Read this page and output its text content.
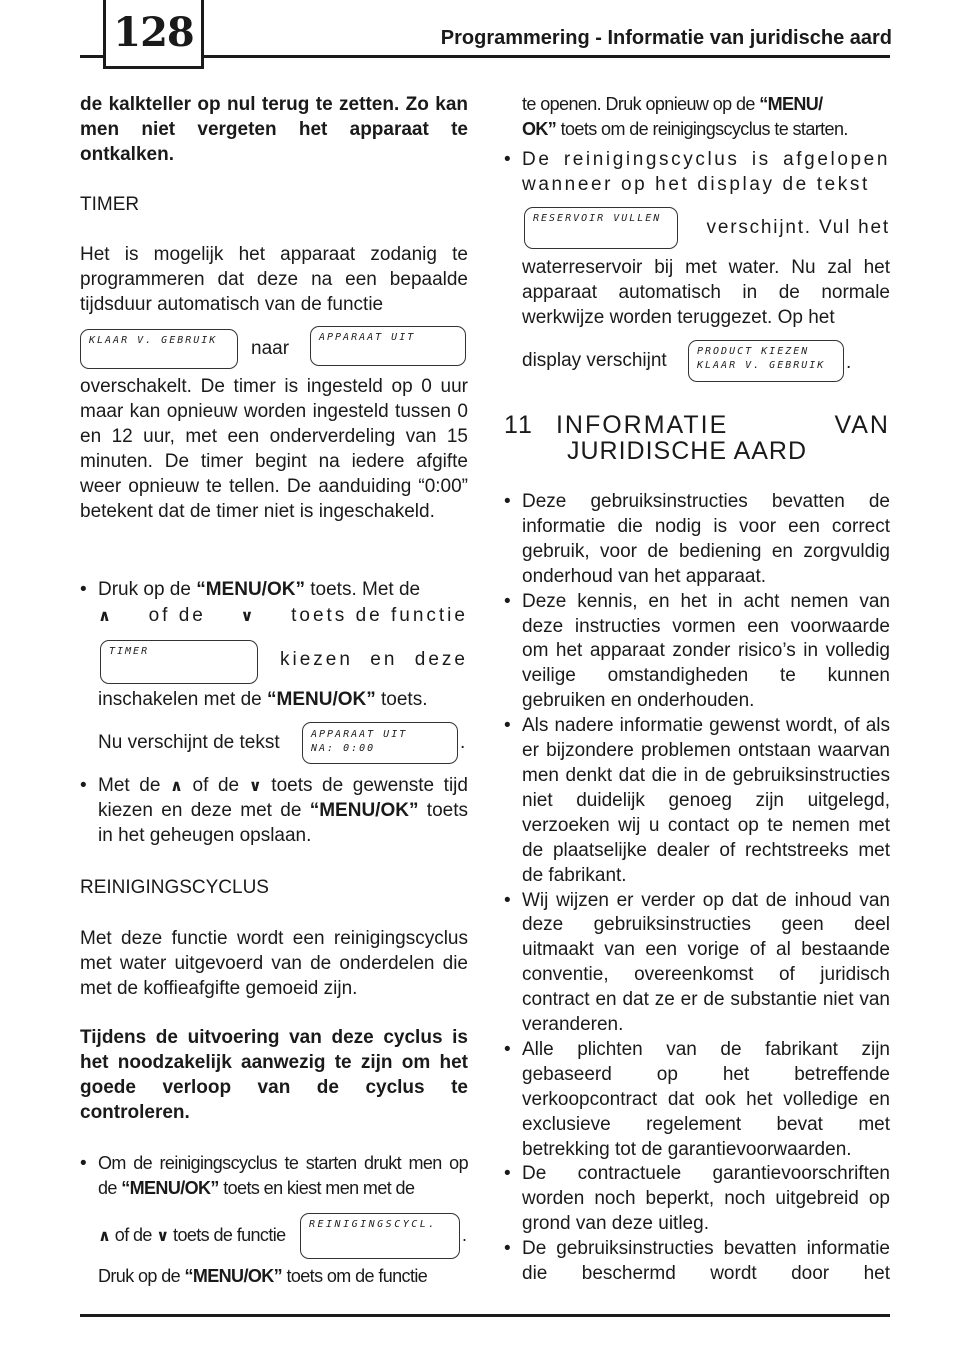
128	Programmering - Informatie van juridische aard

de kalkteller op nul terug te zetten. Zo kan men niet vergeten het apparaat te ontkalken.

TIMER

Het is mogelijk het apparaat zodanig te programmeren dat deze na een bepaalde tijdsduur automatisch van de functie

KLAAR V. GEBRUIK	naar
APPARAAT UIT

overschakelt. De timer is ingesteld op 0 uur maar kan opnieuw worden ingesteld tussen 0 en 12 uur, met een onderverdeling van 15 minuten. De timer begint na iedere afgifte weer opnieuw te tellen. De aanduiding “0:00” betekent dat de timer niet is ingeschakeld.

• Druk op de “MENU/OK” toets. Met de
∧ of de ∨ toets de functie
TIMER	kiezen en deze
inschakelen met de “MENU/OK” toets.
Nu verschijnt de tekst	APPARAAT UIT
NA: 0:00	.
• Met de ∧ of de ∨ toets de gewenste tijd kiezen en deze met de “MENU/OK” toets in het geheugen opslaan.

REINIGINGSCYCLUS

Met deze functie wordt een reinigingscyclus met water uitgevoerd van de onderdelen die met de koffieafgifte gemoeid zijn.

Tijdens de uitvoering van deze cyclus is het noodzakelijk aanwezig te zijn om het goede verloop van de cyclus te controleren.

• Om de reinigingscyclus te starten drukt men op de “MENU/OK” toets en kiest men met de
∧ of de ∨ toets de functie
REINIGINGSCYCL.
.
Druk op de “MENU/OK” toets om de functie
te openen. Druk opnieuw op de “MENU/
OK” toets om de reinigingscyclus te starten.
• De reinigingscyclus is afgelopen wanneer op het display de tekst
RESERVOIR VULLEN	verschijnt. Vul het
waterreservoir bij met water. Nu zal het apparaat automatisch in de normale werkwijze worden teruggezet. Op het
display verschijnt	PRODUCT KIEZEN
KLAAR V. GEBRUIK	.
11 INFORMATIE	VAN
JURIDISCHE AARD
• Deze gebruiksinstructies bevatten de informatie die nodig is voor een correct gebruik, voor de bediening en zorgvuldig onderhoud van het apparaat.
• Deze kennis, en het in acht nemen van deze instructies vormen een voorwaarde om het apparaat zonder risico’s in volledig veilige omstandigheden te kunnen gebruiken en onderhouden.
• Als nadere informatie gewenst wordt, of als er bijzondere problemen ontstaan waarvan men denkt dat die in de gebruiksinstructies niet duidelijk genoeg zijn uitgelegd, verzoeken wij u contact op te nemen met de plaatselijke dealer of rechtstreeks met de fabrikant.
• Wij wijzen er verder op dat de inhoud van deze gebruiksinstructies geen deel uitmaakt van een vorige of al bestaande conventie, overeenkomst of juridisch contract en dat ze er de substantie niet van veranderen.
• Alle plichten van de fabrikant zijn gebaseerd op het betreffende verkoopcontract dat ook het volledige en exclusieve regelement bevat met betrekking tot de garantievoorwaarden.
• De contractuele garantievoorschriften worden noch beperkt, noch uitgebreid op grond van deze uitleg.
• De gebruiksinstructies bevatten informatie die beschermd wordt door het
